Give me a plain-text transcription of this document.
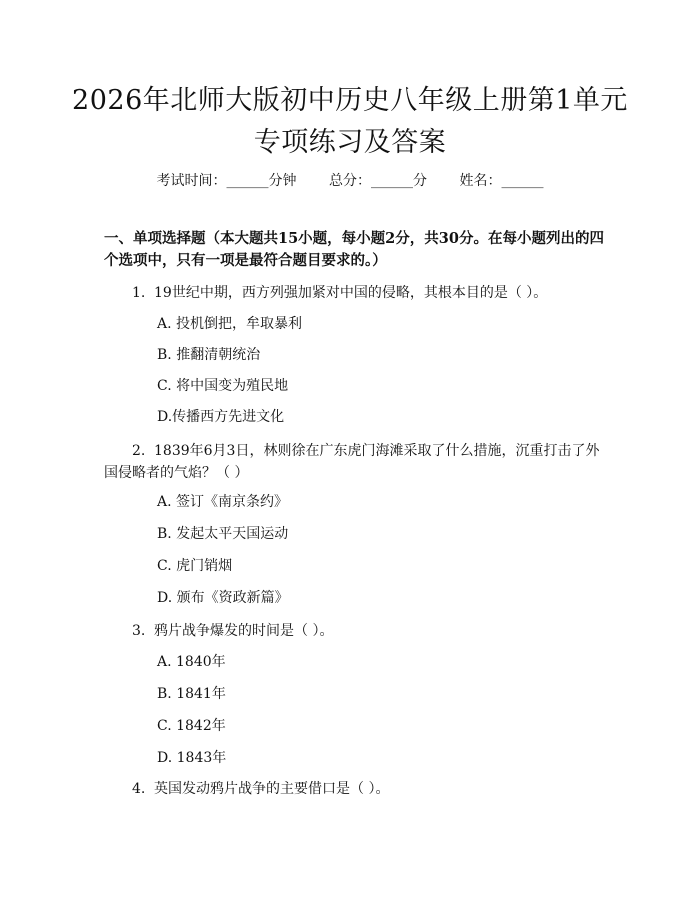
2026年北师大版初中历史八年级上册第1单元专项练习及答案
考试时间：______分钟 总分：______分 姓名：______
一、单项选择题（本大题共15小题，每小题2分，共30分。在每小题列出的四个选项中，只有一项是最符合题目要求的。）
1. 19世纪中期，西方列强加紧对中国的侵略，其根本目的是（ ）。
A. 投机倒把，牟取暴利
B. 推翻清朝统治
C. 将中国变为殖民地
D.传播西方先进文化
2. 1839年6月3日，林则徐在广东虎门海滩采取了什么措施，沉重打击了外国侵略者的气焰？（ ）
A. 签订《南京条约》
B. 发起太平天国运动
C. 虎门销烟
D. 颁布《资政新篇》
3. 鸦片战争爆发的时间是（ ）。
A. 1840年
B. 1841年
C. 1842年
D. 1843年
4. 英国发动鸦片战争的主要借口是（ ）。
